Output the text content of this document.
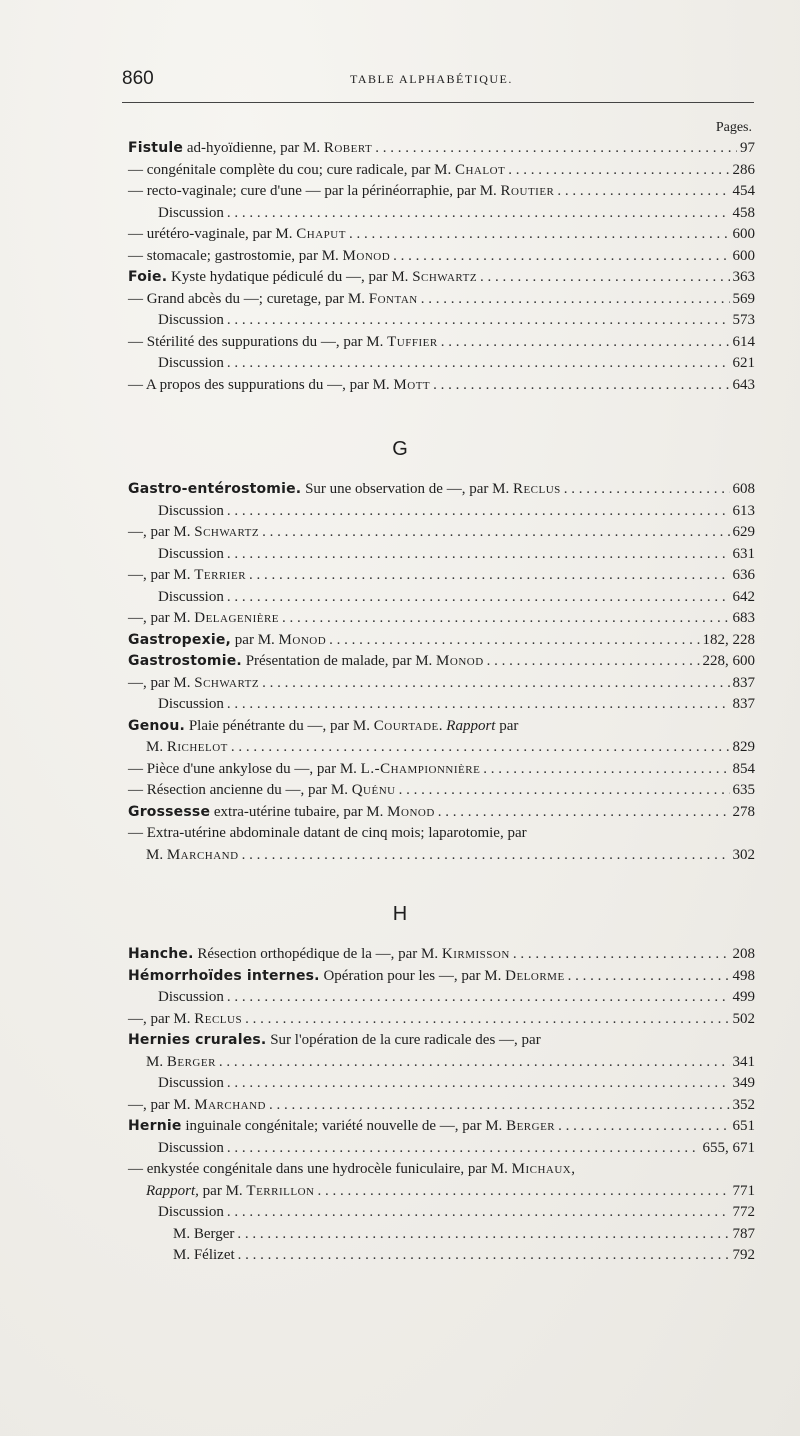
860	TABLE ALPHABÉTIQUE.
Pages.
Fistule ad-hyoïdienne, par M. Robert . . .	97
— congénitale complète du cou; cure radicale, par M. Chalot . . .	286
— recto-vaginale; cure d'une — par la périnéorraphie, par M. Routier . . .	454
Discussion . . .	458
— urétéro-vaginale, par M. Chaput . . .	600
— stomacale; gastrostomie, par M. Monod . . .	600
Foie. Kyste hydatique pédiculé du —, par M. Schwartz . . .	363
— Grand abcès du —; curetage, par M. Fontan . . .	569
Discussion . . .	573
— Stérilité des suppurations du —, par M. Tuffier . . .	614
Discussion . . .	621
— A propos des suppurations du —, par M. Mott . . .	643
G
Gastro-entérostomie. Sur une observation de —, par M. Reclus . . .	608
Discussion . . .	613
—, par M. Schwartz . . .	629
Discussion . . .	631
—, par M. Terrier . . .	636
Discussion . . .	642
—, par M. Delagenière . . .	683
Gastropexie, par M. Monod . . .	182, 228
Gastrostomie. Présentation de malade, par M. Monod . . .	228, 600
—, par M. Schwartz . . .	837
Discussion . . .	837
Genou. Plaie pénétrante du —, par M. Courtade. Rapport par
M. Richelot . . .	829
— Pièce d'une ankylose du —, par M. L.-Championnière . . .	854
— Résection ancienne du —, par M. Quénu . . .	635
Grossesse extra-utérine tubaire, par M. Monod . . .	278
— Extra-utérine abdominale datant de cinq mois; laparotomie, par
M. Marchand . . .	302
H
Hanche. Résection orthopédique de la —, par M. Kirmisson . . .	208
Hémorrhoïdes internes. Opération pour les —, par M. Delorme . . .	498
Discussion . . .	499
—, par M. Reclus . . .	502
Hernies crurales. Sur l'opération de la cure radicale des —, par
M. Berger . . .	341
Discussion . . .	349
—, par M. Marchand . . .	352
Hernie inguinale congénitale; variété nouvelle de —, par M. Berger . . .	651
Discussion . . .	655, 671
— enkystée congénitale dans une hydrocèle funiculaire, par M. Michaux,
Rapport, par M. Terrillon . . .	771
Discussion . . .	772
M. Berger . . .	787
M. Félizet . . .	792
